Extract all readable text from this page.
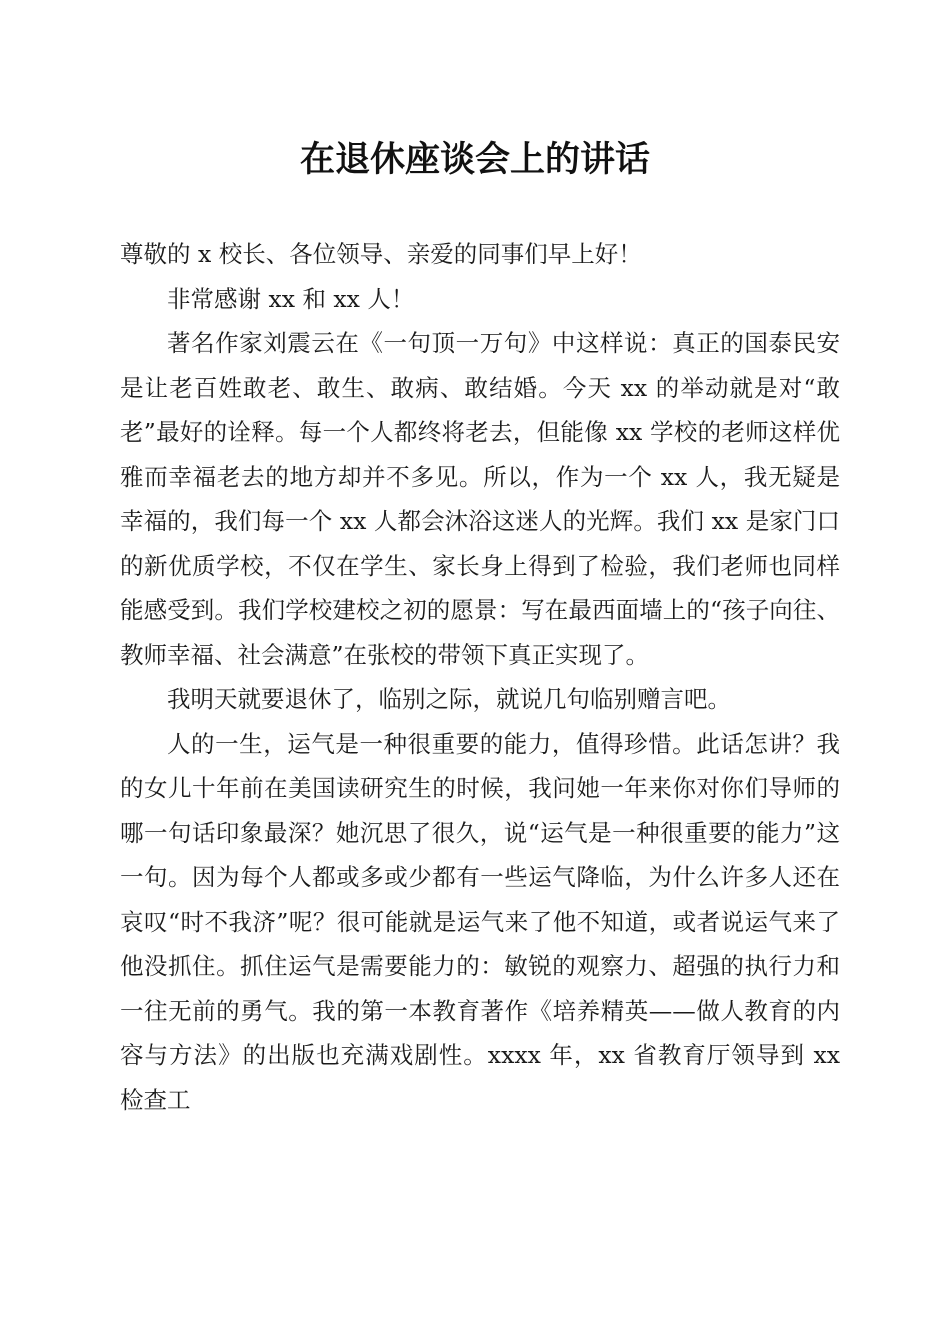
在退休座谈会上的讲话

尊敬的 x 校长、各位领导、亲爱的同事们早上好！

非常感谢 xx 和 xx 人！

著名作家刘震云在《一句顶一万句》中这样说：真正的国泰民安是让老百姓敢老、敢生、敢病、敢结婚。今天 xx 的举动就是对“敢老”最好的诠释。每一个人都终将老去，但能像 xx 学校的老师这样优雅而幸福老去的地方却并不多见。所以，作为一个 xx 人，我无疑是幸福的，我们每一个 xx 人都会沐浴这迷人的光辉。我们 xx 是家门口的新优质学校，不仅在学生、家长身上得到了检验，我们老师也同样能感受到。我们学校建校之初的愿景：写在最西面墙上的“孩子向往、教师幸福、社会满意”在张校的带领下真正实现了。

我明天就要退休了，临别之际，就说几句临别赠言吧。

人的一生，运气是一种很重要的能力，值得珍惜。此话怎讲？我的女儿十年前在美国读研究生的时候，我问她一年来你对你们导师的哪一句话印象最深？她沉思了很久，说“运气是一种很重要的能力”这一句。因为每个人都或多或少都有一些运气降临，为什么许多人还在哀叹“时不我济”呢？很可能就是运气来了他不知道，或者说运气来了他没抓住。抓住运气是需要能力的：敏锐的观察力、超强的执行力和一往无前的勇气。我的第一本教育著作《培养精英——做人教育的内容与方法》的出版也充满戏剧性。xxxx 年，xx 省教育厅领导到 xx 检查工
